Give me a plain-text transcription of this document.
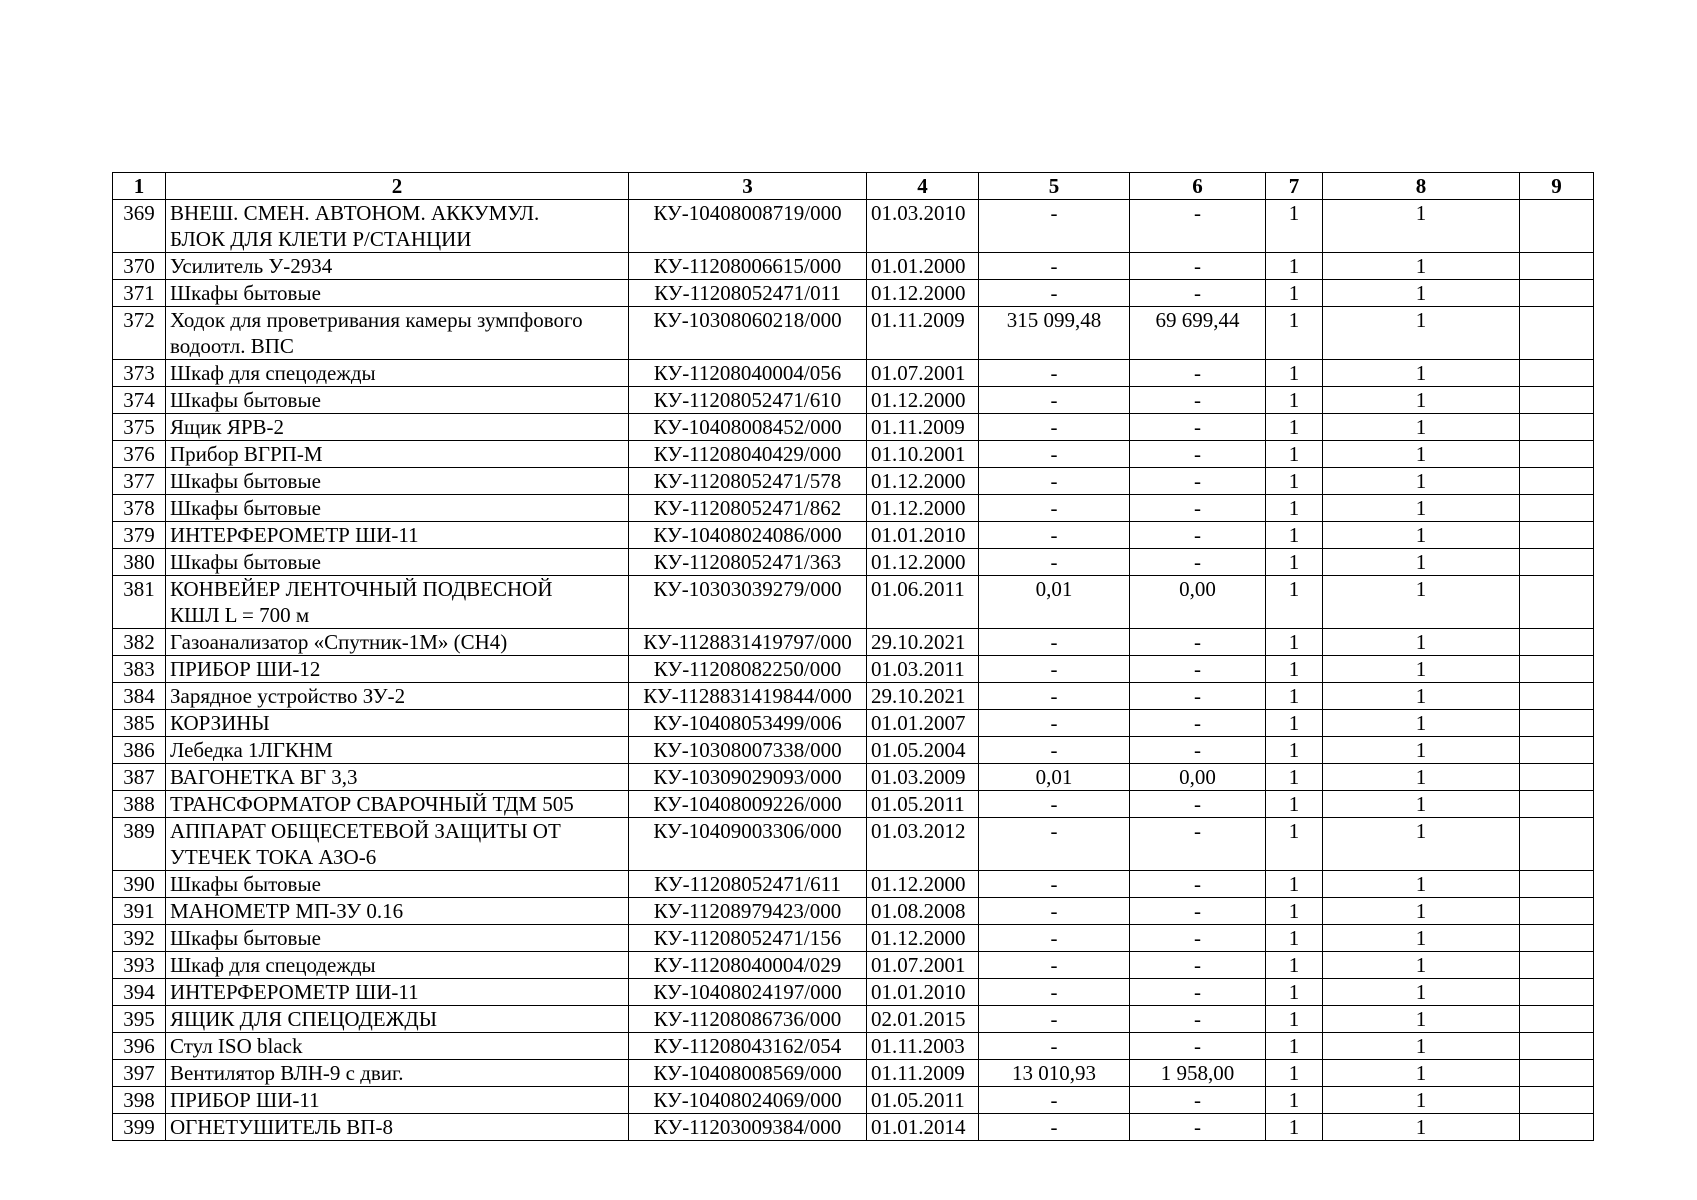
1	2	3	4	5	6	7	8	9
369	ВНЕШ. СМЕН. АВТОНОМ. АККУМУЛ.
БЛОК ДЛЯ КЛЕТИ Р/СТАНЦИИ	КУ-10408008719/000	01.03.2010	-	-	1	1	
370	Усилитель У-2934	КУ-11208006615/000	01.01.2000	-	-	1	1	
371	Шкафы бытовые	КУ-11208052471/011	01.12.2000	-	-	1	1	
372	Ходок для проветривания камеры зумпфового
водоотл. ВПС	КУ-10308060218/000	01.11.2009	315 099,48	69 699,44	1	1	
373	Шкаф для спецодежды	КУ-11208040004/056	01.07.2001	-	-	1	1	
374	Шкафы бытовые	КУ-11208052471/610	01.12.2000	-	-	1	1	
375	Ящик ЯРВ-2	КУ-10408008452/000	01.11.2009	-	-	1	1	
376	Прибор ВГРП-М	КУ-11208040429/000	01.10.2001	-	-	1	1	
377	Шкафы бытовые	КУ-11208052471/578	01.12.2000	-	-	1	1	
378	Шкафы бытовые	КУ-11208052471/862	01.12.2000	-	-	1	1	
379	ИНТЕРФЕРОМЕТР ШИ-11	КУ-10408024086/000	01.01.2010	-	-	1	1	
380	Шкафы бытовые	КУ-11208052471/363	01.12.2000	-	-	1	1	
381	КОНВЕЙЕР ЛЕНТОЧНЫЙ ПОДВЕСНОЙ
КШЛ L = 700 м	КУ-10303039279/000	01.06.2011	0,01	0,00	1	1	
382	Газоанализатор «Спутник-1М» (CH4)	КУ-1128831419797/000	29.10.2021	-	-	1	1	
383	ПРИБОР ШИ-12	КУ-11208082250/000	01.03.2011	-	-	1	1	
384	Зарядное устройство ЗУ-2	КУ-1128831419844/000	29.10.2021	-	-	1	1	
385	КОРЗИНЫ	КУ-10408053499/006	01.01.2007	-	-	1	1	
386	Лебедка 1ЛГКНМ	КУ-10308007338/000	01.05.2004	-	-	1	1	
387	ВАГОНЕТКА ВГ 3,3	КУ-10309029093/000	01.03.2009	0,01	0,00	1	1	
388	ТРАНСФОРМАТОР СВАРОЧНЫЙ ТДМ 505	КУ-10408009226/000	01.05.2011	-	-	1	1	
389	АППАРАТ ОБЩЕСЕТЕВОЙ ЗАЩИТЫ ОТ
УТЕЧЕК ТОКА АЗО-6	КУ-10409003306/000	01.03.2012	-	-	1	1	
390	Шкафы бытовые	КУ-11208052471/611	01.12.2000	-	-	1	1	
391	МАНОМЕТР МП-ЗУ 0.16	КУ-11208979423/000	01.08.2008	-	-	1	1	
392	Шкафы бытовые	КУ-11208052471/156	01.12.2000	-	-	1	1	
393	Шкаф для спецодежды	КУ-11208040004/029	01.07.2001	-	-	1	1	
394	ИНТЕРФЕРОМЕТР ШИ-11	КУ-10408024197/000	01.01.2010	-	-	1	1	
395	ЯЩИК ДЛЯ СПЕЦОДЕЖДЫ	КУ-11208086736/000	02.01.2015	-	-	1	1	
396	Стул ISO black	КУ-11208043162/054	01.11.2003	-	-	1	1	
397	Вентилятор ВЛН-9 с двиг.	КУ-10408008569/000	01.11.2009	13 010,93	1 958,00	1	1	
398	ПРИБОР ШИ-11	КУ-10408024069/000	01.05.2011	-	-	1	1	
399	ОГНЕТУШИТЕЛЬ ВП-8	КУ-11203009384/000	01.01.2014	-	-	1	1	
